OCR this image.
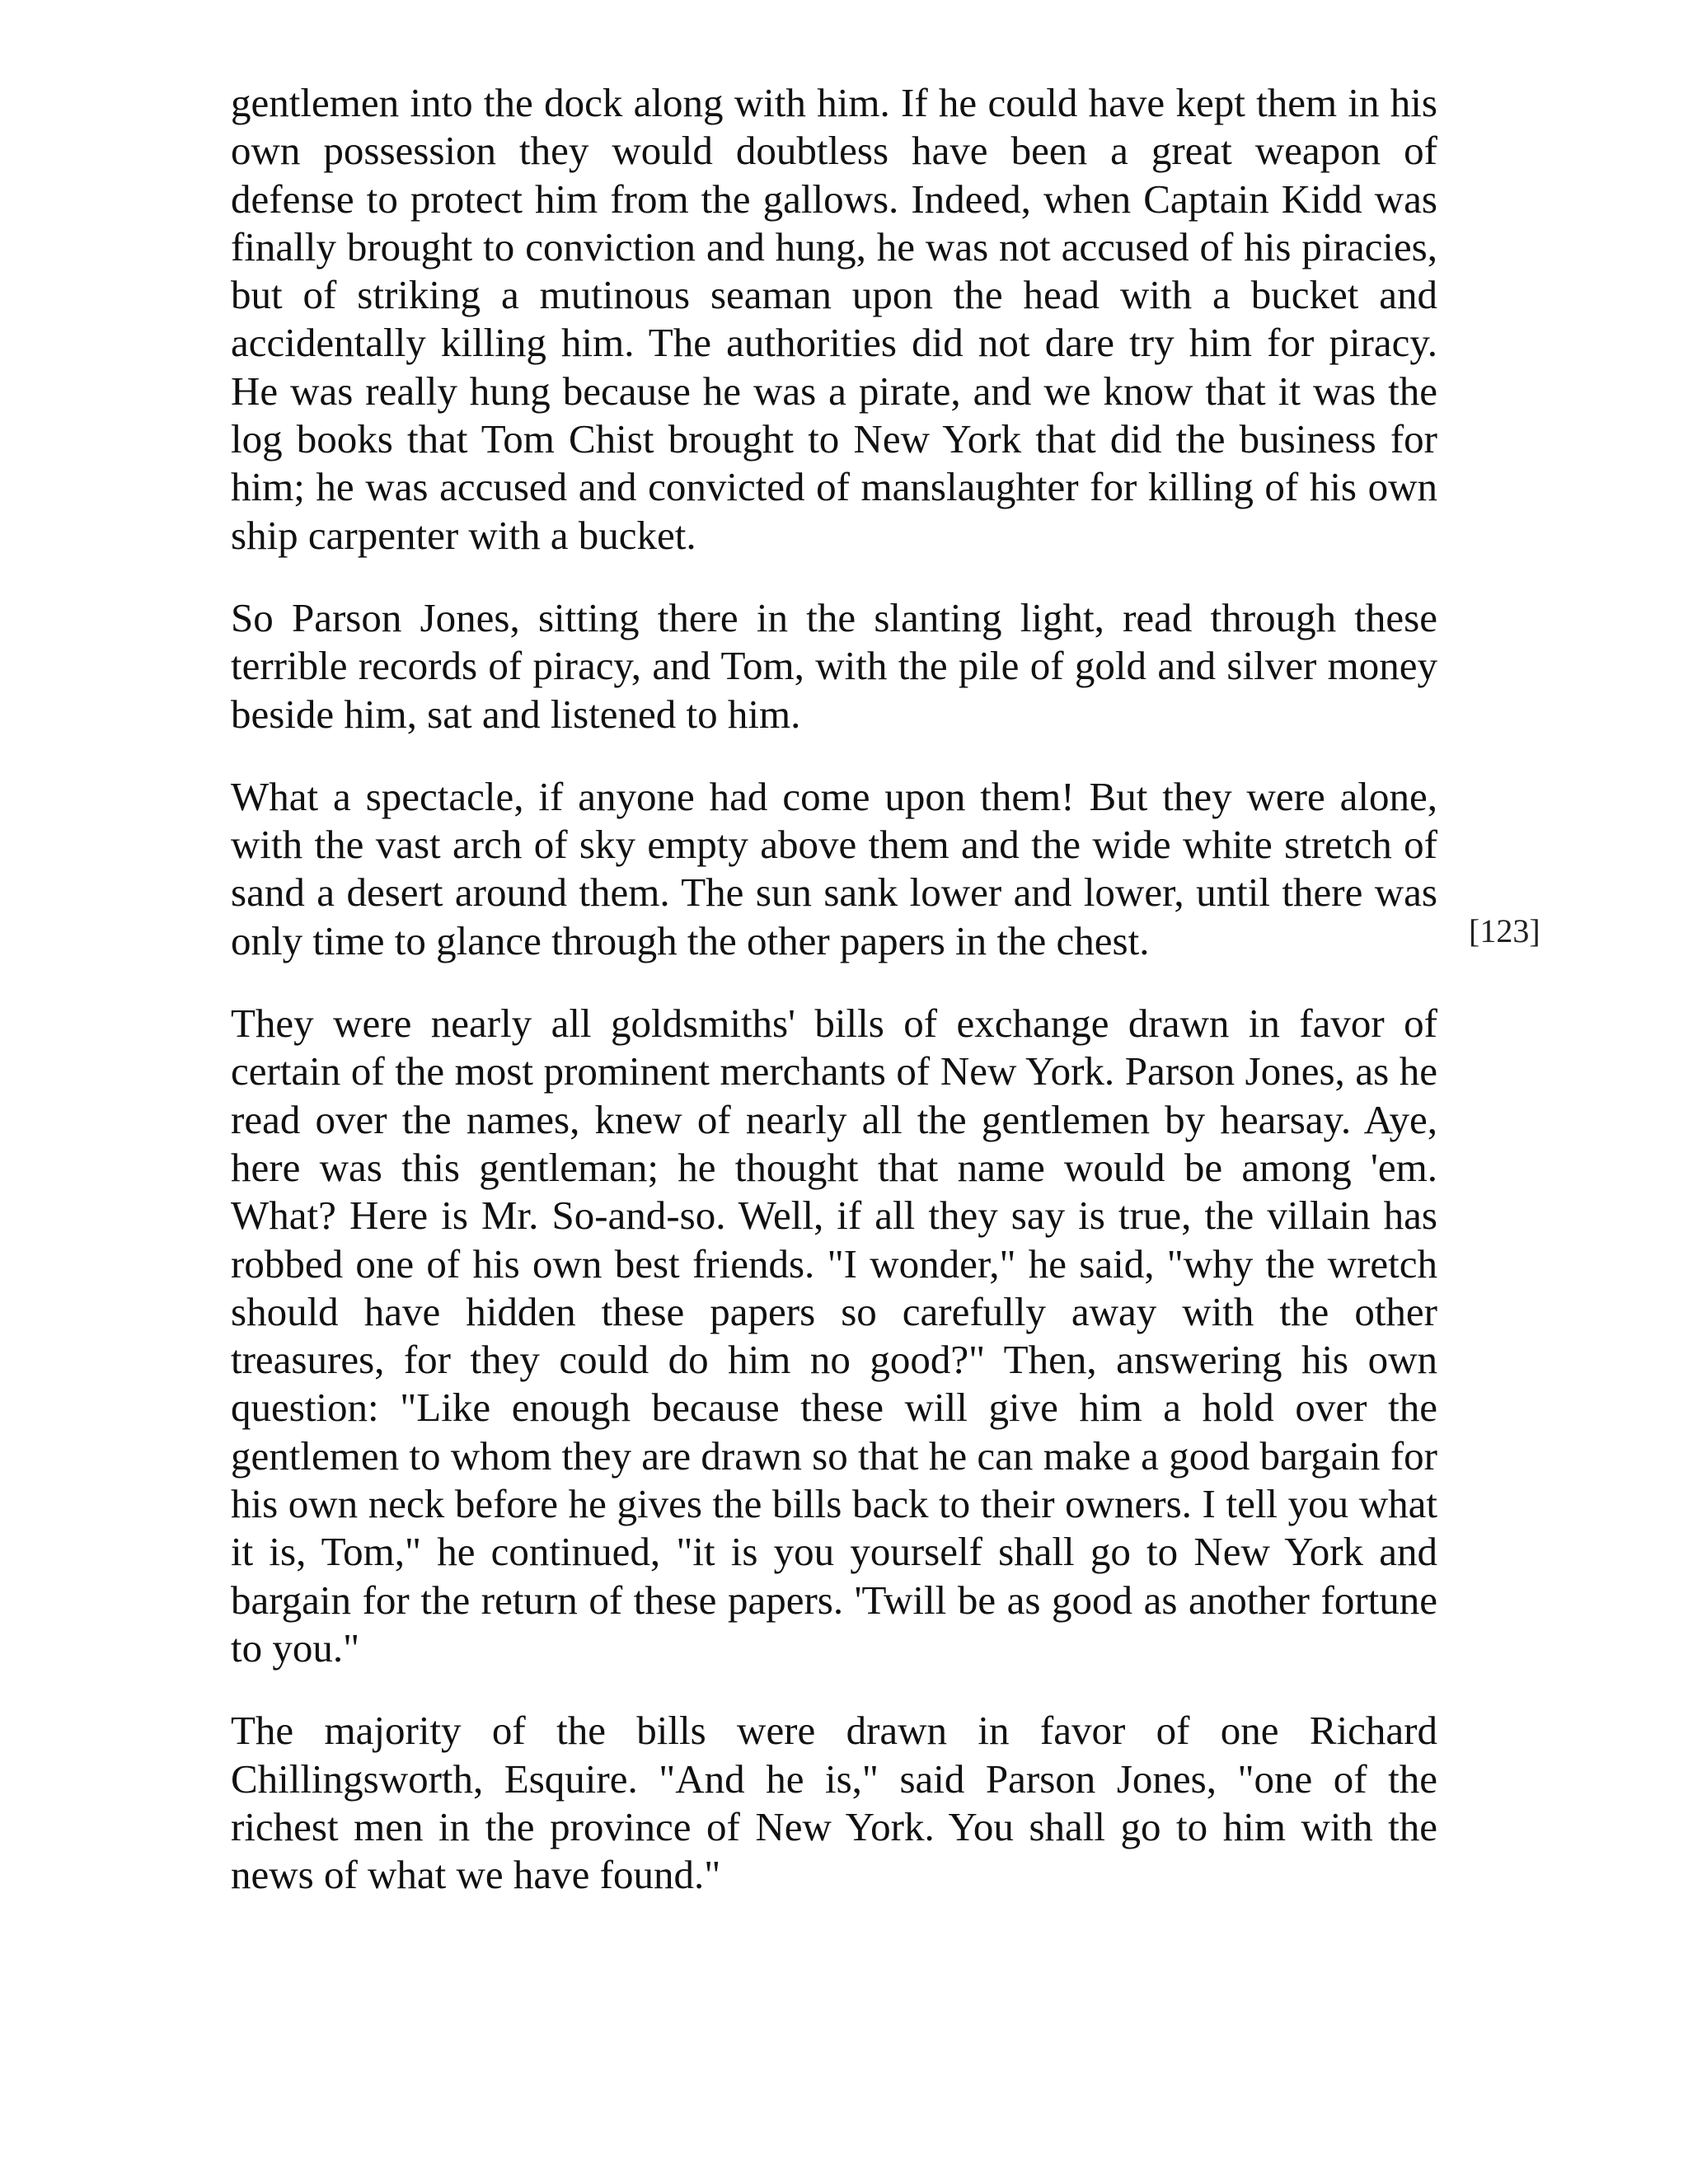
gentlemen into the dock along with him. If he could have kept them in his own possession they would doubtless have been a great weapon of defense to protect him from the gallows. Indeed, when Captain Kidd was finally brought to conviction and hung, he was not accused of his piracies, but of striking a mutinous seaman upon the head with a bucket and accidentally killing him. The authorities did not dare try him for piracy. He was really hung because he was a pirate, and we know that it was the log books that Tom Chist brought to New York that did the business for him; he was accused and convicted of manslaughter for killing of his own ship carpenter with a bucket.

So Parson Jones, sitting there in the slanting light, read through these terrible records of piracy, and Tom, with the pile of gold and silver money beside him, sat and listened to him.

What a spectacle, if anyone had come upon them! But they were alone, with the vast arch of sky empty above them and the wide white stretch of sand a desert around them. The sun sank lower and lower, until there was only time to glance through the other papers in the chest.

They were nearly all goldsmiths' bills of exchange drawn in favor of certain of the most prominent merchants of New York. Parson Jones, as he read over the names, knew of nearly all the gentlemen by hearsay. Aye, here was this gentleman; he thought that name would be among 'em. What? Here is Mr. So-and-so. Well, if all they say is true, the villain has robbed one of his own best friends. "I wonder," he said, "why the wretch should have hidden these papers so carefully away with the other treasures, for they could do him no good?" Then, answering his own question: "Like enough because these will give him a hold over the gentlemen to whom they are drawn so that he can make a good bargain for his own neck before he gives the bills back to their owners. I tell you what it is, Tom," he continued, "it is you yourself shall go to New York and bargain for the return of these papers. 'Twill be as good as another fortune to you."

The majority of the bills were drawn in favor of one Richard Chillingsworth, Esquire. "And he is," said Parson Jones, "one of the richest men in the province of New York. You shall go to him with the news of what we have found."

[123]
